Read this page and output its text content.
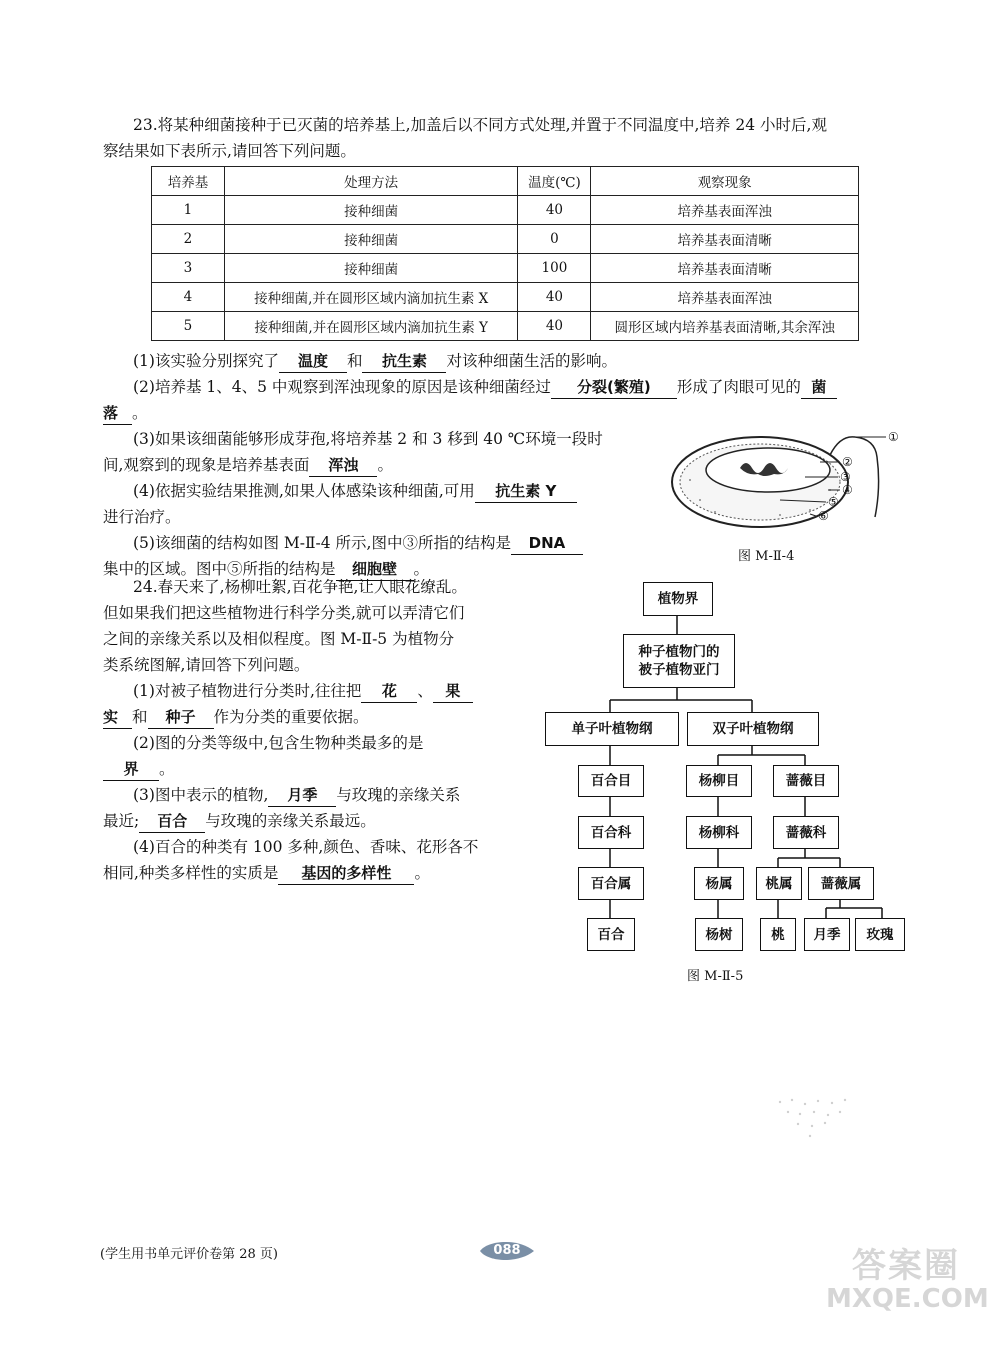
23.将某种细菌接种于已灭菌的培养基上,加盖后以不同方式处理,并置于不同温度中,培养 24 小时后,观
察结果如下表所示,请回答下列问题。
培养基	处理方法	温度(℃)	观察现象
1	接种细菌	40	培养基表面浑浊
2	接种细菌	0	培养基表面清晰
3	接种细菌	100	培养基表面清晰
4	接种细菌,并在圆形区域内滴加抗生素 X	40	培养基表面浑浊
5	接种细菌,并在圆形区域内滴加抗生素 Y	40	圆形区域内培养基表面清晰,其余浑浊
(1)该实验分别探究了 温度 和 抗生素 对该种细菌生活的影响。
(2)培养基 1、4、5 中观察到浑浊现象的原因是该种细菌经过 分裂(繁殖) 形成了肉眼可见的 菌
落 。
(3)如果该细菌能够形成芽孢,将培养基 2 和 3 移到 40 ℃环境一段时
间,观察到的现象是培养基表面 浑浊 。
(4)依据实验结果推测,如果人体感染该种细菌,可用 抗生素 Y
进行治疗。
(5)该细菌的结构如图 M-Ⅱ-4 所示,图中③所指的结构是 DNA
集中的区域。图中⑤所指的结构是 细胞壁 。
①
②
③
④
⑤
⑥
图 M-Ⅱ-4
24.春天来了,杨柳吐絮,百花争艳,让人眼花缭乱。
但如果我们把这些植物进行科学分类,就可以弄清它们
之间的亲缘关系以及相似程度。图 M-Ⅱ-5 为植物分
类系统图解,请回答下列问题。
(1)对被子植物进行分类时,往往把 花 、 果
实 和 种子 作为分类的重要依据。
(2)图的分类等级中,包含生物种类最多的是
界 。
(3)图中表示的植物, 月季 与玫瑰的亲缘关系
最近; 百合 与玫瑰的亲缘关系最远。
(4)百合的种类有 100 多种,颜色、香味、花形各不
相同,种类多样性的实质是 基因的多样性 。
植物界
种子植物门的
被子植物亚门
单子叶植物纲	双子叶植物纲
百合目	杨柳目	蔷薇目
百合科	杨柳科	蔷薇科
百合属	杨属	桃属	蔷薇属
百合	杨树	桃	月季	玫瑰
图 M-Ⅱ-5
(学生用书单元评价卷第 28 页)	088	答案圈
MXQE.COM
